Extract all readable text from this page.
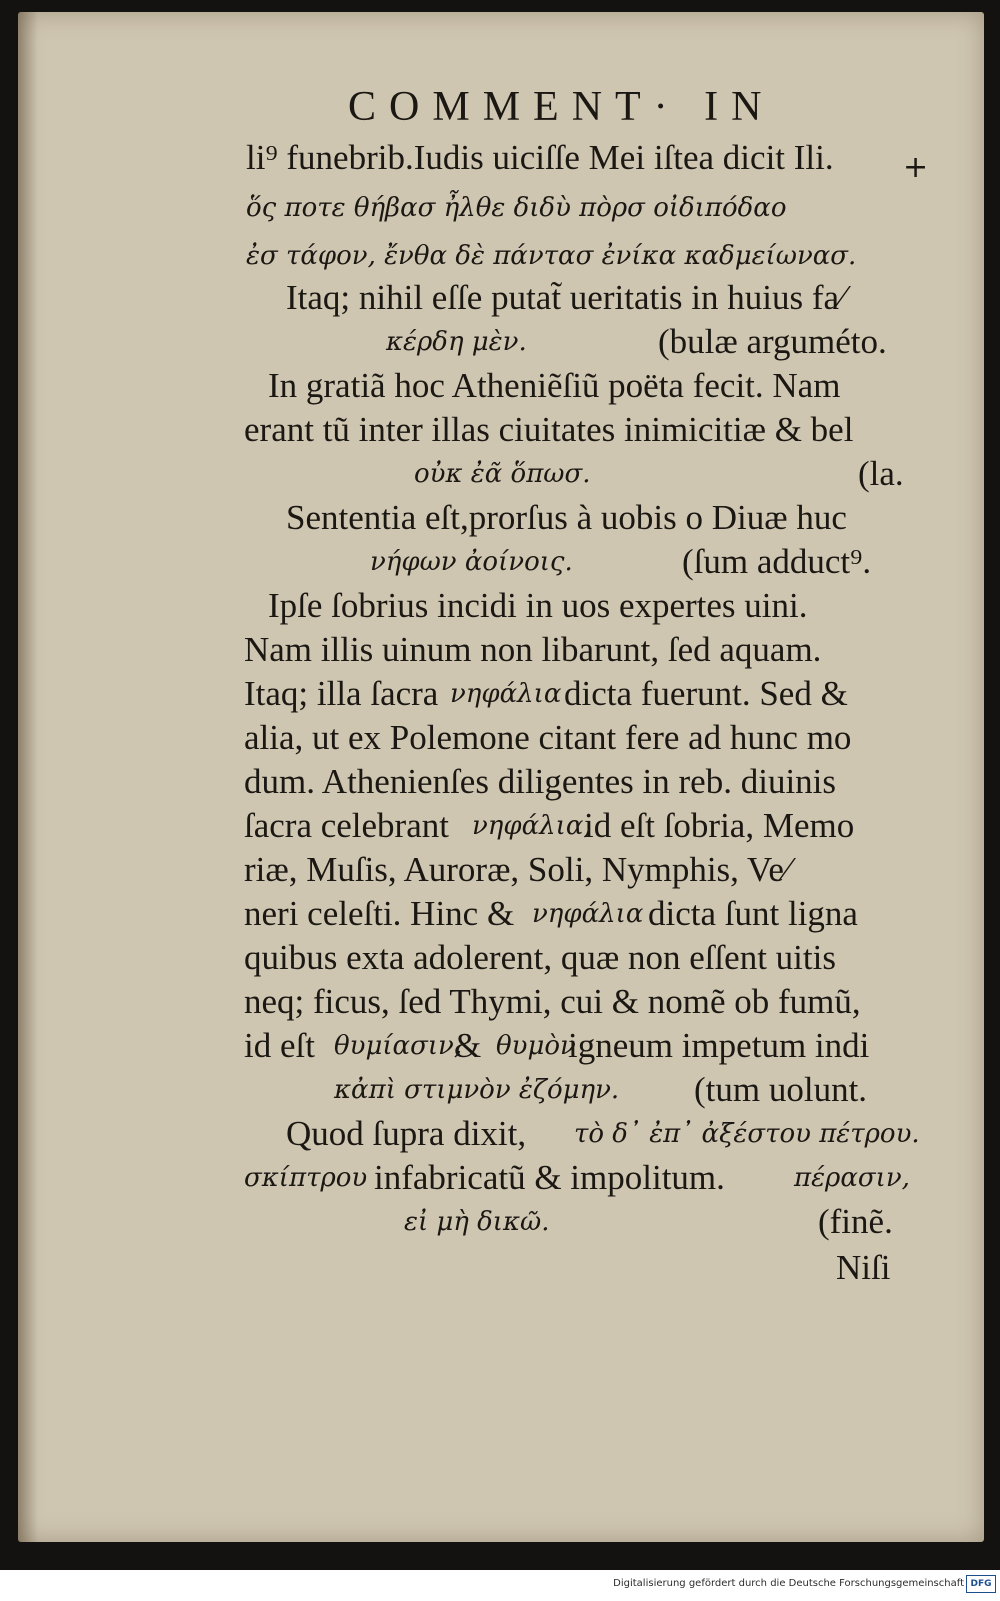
COMMENT· IN
+
li⁹ funebrib.Iudis uiciſſe Mei iſtea dicit Ili.
ὅς ποτε θήβασ ἦλθε διδὺ πὸρσ οἰδιπόδαο
ἐσ τάφον, ἔνθα δὲ πάντασ ἐνίκα καδμείωνασ.
Itaq; nihil eſſe putat̃ ueritatis in huius fa⁄
κέρδη μὲν.	(bulæ arguméto.
In gratiã hoc Atheniẽſiũ poëta fecit. Nam
erant tũ inter illas ciuitates inimicitiæ & bel
οὐκ ἐᾶ ὅπωσ.	(la.
Sententia eſt,prorſus à uobis o Diuæ huc
νήφων ἀοίνοις.	(ſum adduct⁹.
Ipſe ſobrius incidi in uos expertes uini.
Nam illis uinum non libarunt, ſed aquam.
Itaq; illa ſacra νηφάλια dicta fuerunt. Sed &
alia, ut ex Polemone citant fere ad hunc mo
dum. Athenienſes diligentes in reb. diuinis
ſacra celebrant νηφάλια,
id eſt ſobria, Memo
riæ, Muſis, Auroræ, Soli, Nymphis, Ve⁄
neri celeſti. Hinc & νηφάλια dicta ſunt ligna
quibus exta adolerent, quæ non eſſent uitis
neq; ficus, ſed Thymi, cui & nomẽ ob fumũ,
id eſt θυμίασιν,
& θυμὸν
igneum impetum indi
κἀπὶ στιμνὸν ἐζόμην. (tum uolunt.
Quod ſupra dixit, τὸ δ᾽ ἐπ᾽ ἀξέστου πέτρου.
σκίπτρου infabricatũ & impolitum.	πέρασιν,
εἰ μὴ δικῶ.	(finẽ.
Niſi
Digitalisierung gefördert durch die Deutsche Forschungsgemeinschaft DFG
